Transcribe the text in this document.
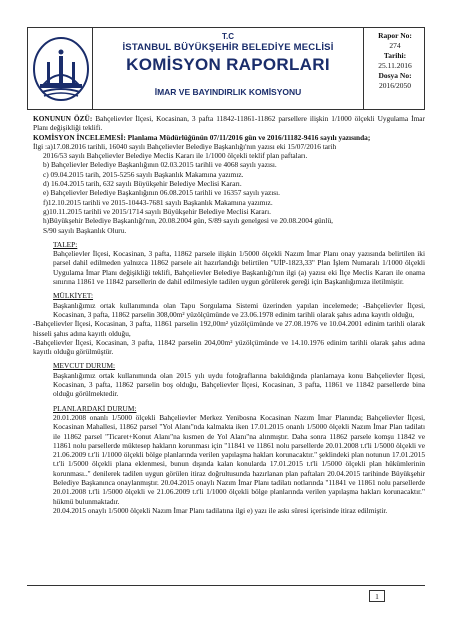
T.C
İSTANBUL BÜYÜKŞEHİR BELEDİYE MECLİSİ
KOMİSYON RAPORLARI
İMAR VE BAYINDIRLIK KOMİSYONU
Rapor No:
274
Tarihi:
25.11.2016
Dosya No:
2016/2050

KONUNUN ÖZÜ: Bahçelievler İlçesi, Kocasinan, 3 pafta 11842-11861-11862 parsellere ilişkin 1/1000 ölçekli Uygulama İmar Planı değişikliği teklifi.

KOMİSYON İNCELEMESİ: Planlama Müdürlüğünün 07/11/2016 gün ve 2016/11182-9416 sayılı yazısında;

İlgi :a)17.08.2016 tarihli, 16040 sayılı Bahçelievler Belediye Başkanlığı'nın yazısı eki 15/07/2016 tarih

2016/53 sayılı Bahçelievler Belediye Meclis Kararı ile 1/1000 ölçekli teklif plan paftaları.

b) Bahçelievler Belediye Başkanlığının 02.03.2015 tarihli ve 4068 sayılı yazısı.

c) 09.04.2015 tarih, 2015-5256 sayılı Başkanlık Makamına yazımız.

d) 16.04.2015 tarih, 632 sayılı Büyükşehir Belediye Meclisi Kararı.

e) Bahçelievler Belediye Başkanlığının 06.08.2015 tarihli ve 16357 sayılı yazısı.

f)12.10.2015 tarihli ve 2015-10443-7681 sayılı Başkanlık Makamına yazımız.

g)10.11.2015 tarihli ve 2015/1714 sayılı Büyükşehir Belediye Meclisi Kararı.

h)Büyükşehir Belediye Başkanlığı'nın, 20.08.2004 gün, S/89 sayılı genelgesi ve 20.08.2004 günlü,

S/90 sayılı Başkanlık Oluru.

TALEP:

Bahçelievler İlçesi, Kocasinan, 3 pafta, 11862 parsele ilişkin 1/5000 ölçekli Nazım İmar Planı onay yazısında belirtilen iki parsel dahil edilmeden yalnızca 11862 parsele ait hazırlandığı belirtilen "UİP-1823,33" Plan İşlem Numaralı 1/1000 ölçekli Uygulama İmar Planı değişikliği teklifi, Bahçelievler Belediye Başkanlığı'nın ilgi (a) yazısı eki İlçe Meclis Kararı ile onama sınırına 11861 ve 11842 parsellerin de dahil edilmesiyle tadilen uygun görülerek gereği için Başkanlığımıza iletilmiştir.

MÜLKİYET:

Başkanlığımız ortak kullanımında olan Tapu Sorgulama Sistemi üzerinden yapılan incelemede; -Bahçelievler İlçesi, Kocasinan, 3 pafta, 11862 parselin 308,00m² yüzölçümünde ve 23.06.1978 edinim tarihli olarak şahıs adına kayıtlı olduğu,

-Bahçelievler İlçesi, Kocasinan, 3 pafta, 11861 parselin 192,00m² yüzölçümünde ve 27.08.1976 ve 10.04.2001 edinim tarihli olarak hisseli şahıs adına kayıtlı olduğu,

-Bahçelievler İlçesi, Kocasinan, 3 pafta, 11842 parselin 204,00m² yüzölçümünde ve 14.10.1976 edinim tarihli olarak şahıs adına kayıtlı olduğu görülmüştür.

MEVCUT DURUM:

Başkanlığımız ortak kullanımında olan 2015 yılı uydu fotoğraflarına bakıldığında planlamaya konu Bahçelievler İlçesi, Kocasinan, 3 pafta, 11862 parselin boş olduğu, Bahçelievler İlçesi, Kocasinan, 3 pafta, 11861 ve 11842 parsellerde bina olduğu görülmektedir.

PLANLARDAKİ DURUM:

20.01.2008 onanlı 1/5000 ölçekli Bahçelievler Merkez Yenibosna Kocasinan Nazım İmar Planında; Bahçelievler İlçesi, Kocasinan Mahallesi, 11862 parsel "Yol Alanı"nda kalmakta iken 17.01.2015 onanlı 1/5000 ölçekli Nazım İmar Plan tadilatı ile 11862 parsel "Ticaret+Konut Alanı"na kısmen de Yol Alanı"na alınmıştır. Daha sonra 11862 parsele komşu 11842 ve 11861 nolu parsellerde müktesep hakların korunması için "11841 ve 11861 nolu parsellerde 20.01.2008 t.t'li 1/5000 ölçekli ve 21.06.2009 t.t'li 1/1000 ölçekli bölge planlarında verilen yapılaşma hakları korunacaktır." şeklindeki plan notunun 17.01.2015 t.t'li 1/5000 ölçekli plana eklenmesi, bunun dışında kalan konularda 17.01.2015 t.t'li 1/5000 ölçekli plan hükümlerinin korunması.." denilerek tadilen uygun görülen itiraz doğrultusunda hazırlanan plan paftaları 20.04.2015 tarihinde Büyükşehir Belediye Başkanınca onaylanmıştır. 20.04.2015 onaylı Nazım İmar Planı tadilatı notlarında "11841 ve 11861 nolu parsellerde 20.01.2008 t.t'li 1/5000 ölçekli ve 21.06.2009 t.t'li 1/1000 ölçekli bölge planlarında verilen yapılaşma hakları korunacaktır." hükmü bulunmaktadır.

20.04.2015 onaylı 1/5000 ölçekli Nazım İmar Planı tadilatına ilgi e) yazı ile askı süresi içerisinde itiraz edilmiştir.

1
